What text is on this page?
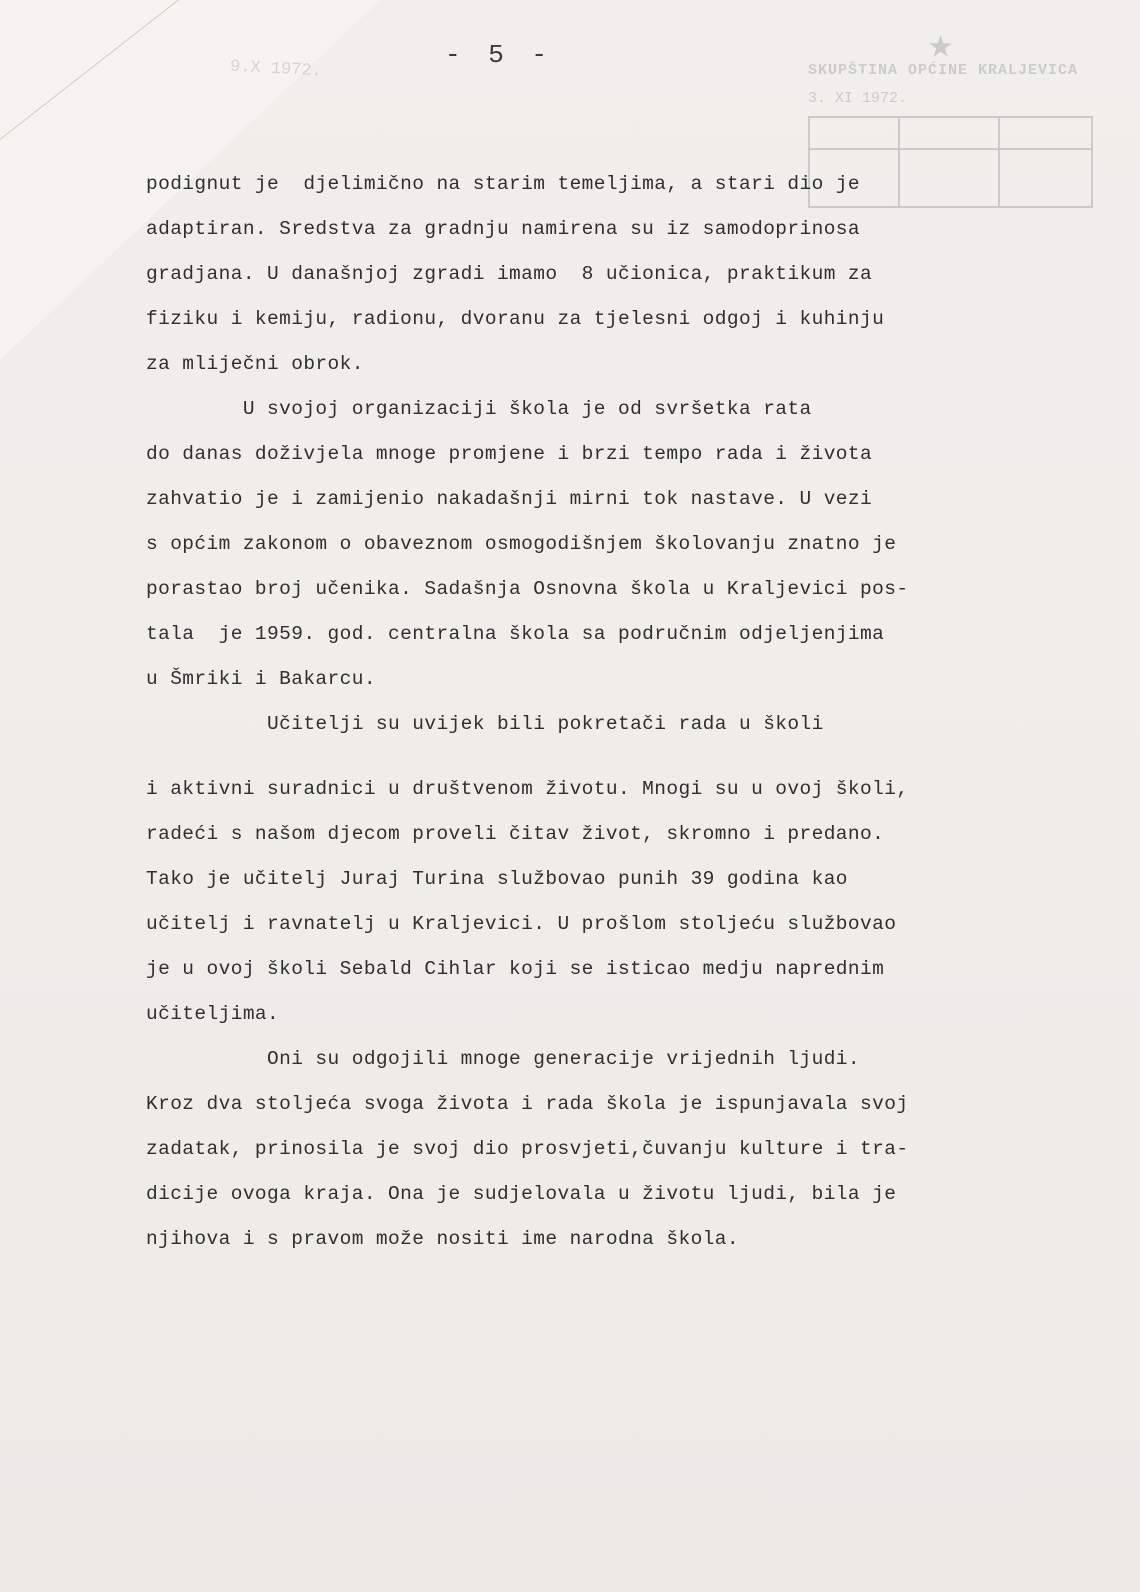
9.X 1972.	- 5 -	★
SKUPŠTINA OPĆINE KRALJEVICA
3. XI 1972.

podignut je  djelimično na starim temeljima, a stari dio je

adaptiran. Sredstva za gradnju namirena su iz samodoprinosa

gradjana. U današnjoj zgradi imamo  8 učionica, praktikum za

fiziku i kemiju, radionu, dvoranu za tjelesni odgoj i kuhinju

za mliječni obrok.

U svojoj organizaciji škola je od svršetka rata

do danas doživjela mnoge promjene i brzi tempo rada i života

zahvatio je i zamijenio nakadašnji mirni tok nastave. U vezi

s općim zakonom o obaveznom osmogodišnjem školovanju znatno je

porastao broj učenika. Sadašnja Osnovna škola u Kraljevici pos-

tala  je 1959. god. centralna škola sa područnim odjeljenjima

u Šmriki i Bakarcu.

Učitelji su uvijek bili pokretači rada u školi

i aktivni suradnici u društvenom životu. Mnogi su u ovoj školi,

radeći s našom djecom proveli čitav život, skromno i predano.

Tako je učitelj Juraj Turina službovao punih 39 godina kao

učitelj i ravnatelj u Kraljevici. U prošlom stoljeću službovao

je u ovoj školi Sebald Cihlar koji se isticao medju naprednim

učiteljima.

Oni su odgojili mnoge generacije vrijednih ljudi.

Kroz dva stoljeća svoga života i rada škola je ispunjavala svoj

zadatak, prinosila je svoj dio prosvjeti,čuvanju kulture i tra-

dicije ovoga kraja. Ona je sudjelovala u životu ljudi, bila je

njihova i s pravom može nositi ime narodna škola.
